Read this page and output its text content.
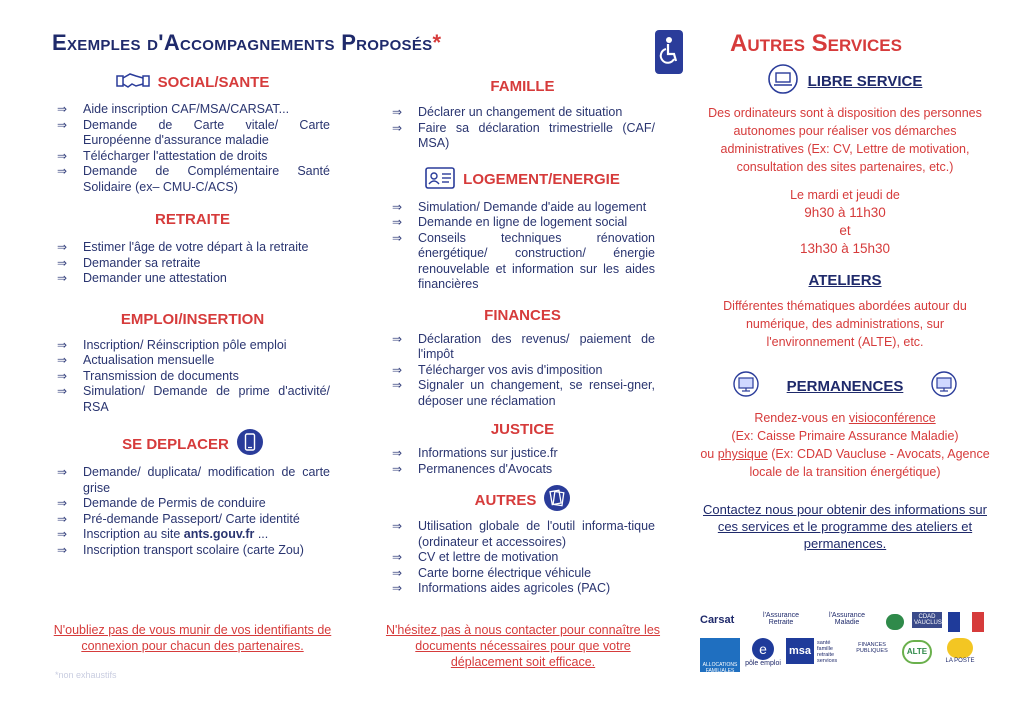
Exemples d'Accompagnements Proposés*	Autres Services
SOCIAL/SANTE
⇒ Aide inscription CAF/MSA/CARSAT...
⇒ Demande de Carte vitale/ Carte Européenne d'assurance maladie
⇒ Télécharger l'attestation de droits
⇒ Demande de Complémentaire Santé Solidaire (ex– CMU-C/ACS)
RETRAITE
⇒ Estimer l'âge de votre départ à la retraite
⇒ Demander sa retraite
⇒ Demander une attestation
EMPLOI/INSERTION
⇒ Inscription/ Réinscription pôle emploi
⇒ Actualisation mensuelle
⇒ Transmission de documents
⇒ Simulation/ Demande de prime d'activité/ RSA
SE DEPLACER
⇒ Demande/ duplicata/ modification de carte grise
⇒ Demande de Permis de conduire
⇒ Pré-demande Passeport/ Carte identité
⇒ Inscription au site ants.gouv.fr ...
⇒ Inscription transport scolaire (carte Zou)
N'oubliez pas de vous munir de vos identifiants de connexion pour chacun des partenaires.
*non exhaustifs
FAMILLE
⇒ Déclarer un changement de situation
⇒ Faire sa déclaration trimestrielle (CAF/ MSA)
LOGEMENT/ENERGIE
⇒ Simulation/ Demande d'aide au logement
⇒ Demande en ligne de logement social
⇒ Conseils techniques rénovation énergétique/ construction/ énergie renouvelable et information sur les aides financières
FINANCES
⇒ Déclaration des revenus/ paiement de l'impôt
⇒ Télécharger vos avis d'imposition
⇒ Signaler un changement, se rensei-gner, déposer une réclamation
JUSTICE
⇒ Informations sur justice.fr
⇒ Permanences d'Avocats
AUTRES
⇒ Utilisation globale de l'outil informa-tique (ordinateur et accessoires)
⇒ CV et lettre de motivation
⇒ Carte borne électrique véhicule
⇒ Informations aides agricoles (PAC)
N'hésitez pas à nous contacter pour connaître les documents nécessaires pour que votre déplacement soit efficace.
LIBRE SERVICE
Des ordinateurs sont à disposition des personnes autonomes pour réaliser vos démarches administratives (Ex: CV, Lettre de motivation, consultation des sites partenaires, etc.)
Le mardi et jeudi de
9h30 à 11h30
et
13h30 à 15h30
ATELIERS
Différentes thématiques abordées autour du numérique, des administrations, sur l'environnement (ALTE), etc.
PERMANENCES
Rendez-vous en visioconférence
(Ex: Caisse Primaire Assurance Maladie)
ou physique (Ex: CDAD Vaucluse - Avocats, Agence locale de la transition énergétique)
Contactez nous pour obtenir des informations sur ces services et le programme des ateliers et permanences.
Carsat	l'Assurance Retraite
l'Assurance Maladie
CDAD VAUCLUSE
ALLOCATIONS FAMILIALES
e
pôle emploi
msa
santé famille retraite services
FINANCES PUBLIQUES	ALTE
LA POSTE
